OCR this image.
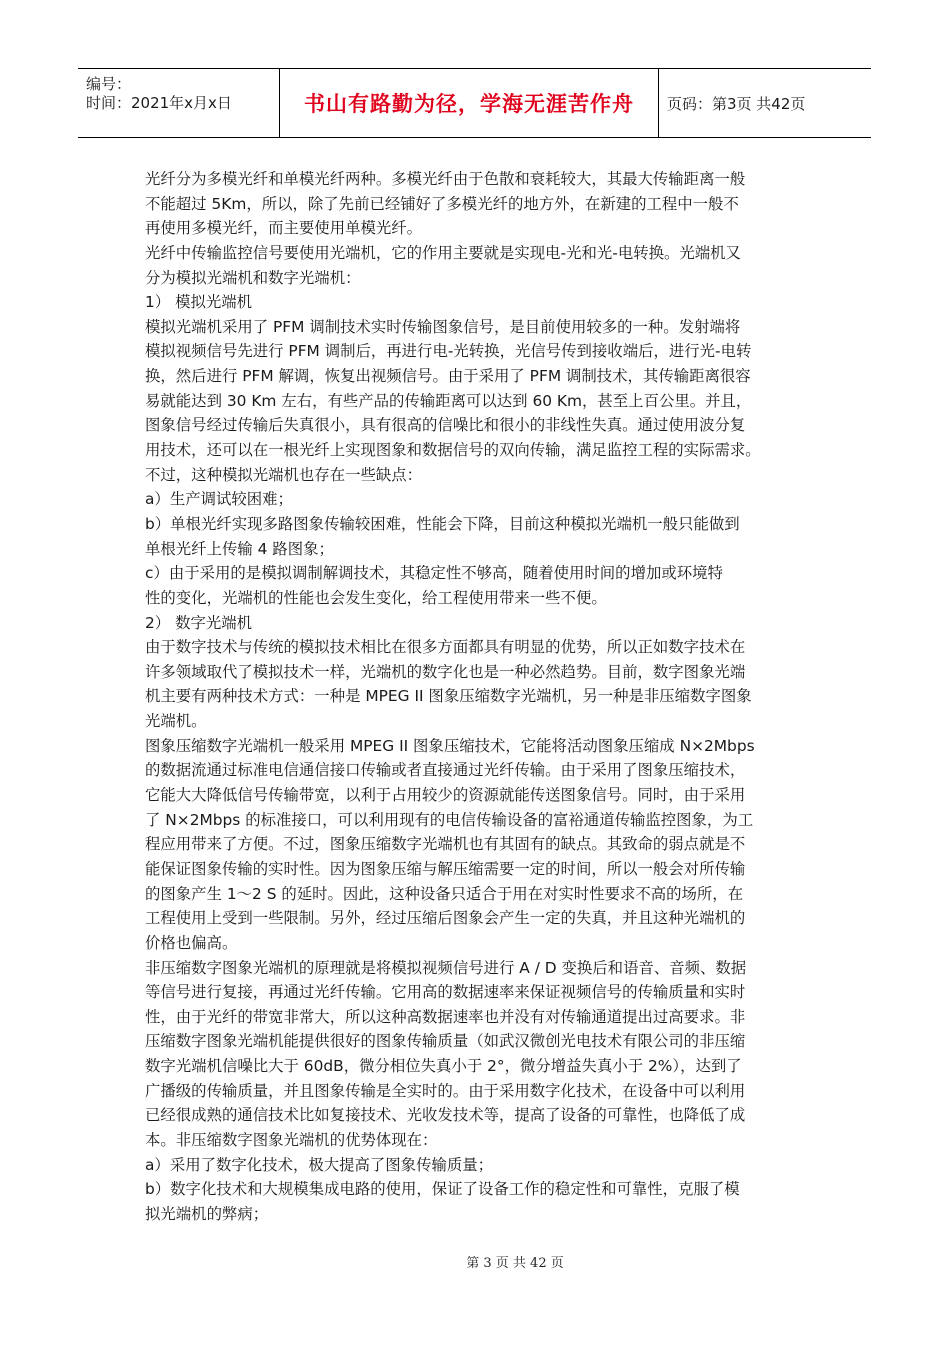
编号：
时间：2021年x月x日	书山有路勤为径，学海无涯苦作舟 页码：第3页 共42页
光纤分为多模光纤和单模光纤两种。多模光纤由于色散和衰耗较大，其最大传输距离一般
不能超过 5Km，所以，除了先前已经铺好了多模光纤的地方外，在新建的工程中一般不
再使用多模光纤，而主要使用单模光纤。
光纤中传输监控信号要使用光端机，它的作用主要就是实现电-光和光-电转换。光端机又
分为模拟光端机和数字光端机：
1） 模拟光端机
模拟光端机采用了 PFM 调制技术实时传输图象信号，是目前使用较多的一种。发射端将
模拟视频信号先进行 PFM 调制后，再进行电-光转换，光信号传到接收端后，进行光-电转
换，然后进行 PFM 解调，恢复出视频信号。由于采用了 PFM 调制技术，其传输距离很容
易就能达到 30 Km 左右，有些产品的传输距离可以达到 60 Km，甚至上百公里。并且，
图象信号经过传输后失真很小，具有很高的信噪比和很小的非线性失真。通过使用波分复
用技术，还可以在一根光纤上实现图象和数据信号的双向传输，满足监控工程的实际需求。
不过，这种模拟光端机也存在一些缺点：
a）生产调试较困难；
b）单根光纤实现多路图象传输较困难，性能会下降，目前这种模拟光端机一般只能做到
单根光纤上传输 4 路图象；
c）由于采用的是模拟调制解调技术，其稳定性不够高，随着使用时间的增加或环境特
性的变化，光端机的性能也会发生变化，给工程使用带来一些不便。
2） 数字光端机
由于数字技术与传统的模拟技术相比在很多方面都具有明显的优势，所以正如数字技术在
许多领域取代了模拟技术一样，光端机的数字化也是一种必然趋势。目前，数字图象光端
机主要有两种技术方式：一种是 MPEG II 图象压缩数字光端机，另一种是非压缩数字图象
光端机。
图象压缩数字光端机一般采用 MPEG II 图象压缩技术，它能将活动图象压缩成 N×2Mbps
的数据流通过标准电信通信接口传输或者直接通过光纤传输。由于采用了图象压缩技术，
它能大大降低信号传输带宽，以利于占用较少的资源就能传送图象信号。同时，由于采用
了 N×2Mbps 的标准接口，可以利用现有的电信传输设备的富裕通道传输监控图象，为工
程应用带来了方便。不过，图象压缩数字光端机也有其固有的缺点。其致命的弱点就是不
能保证图象传输的实时性。因为图象压缩与解压缩需要一定的时间，所以一般会对所传输
的图象产生 1～2 S 的延时。因此，这种设备只适合于用在对实时性要求不高的场所，在
工程使用上受到一些限制。另外，经过压缩后图象会产生一定的失真，并且这种光端机的
价格也偏高。
非压缩数字图象光端机的原理就是将模拟视频信号进行 A / D 变换后和语音、音频、数据
等信号进行复接，再通过光纤传输。它用高的数据速率来保证视频信号的传输质量和实时
性，由于光纤的带宽非常大，所以这种高数据速率也并没有对传输通道提出过高要求。非
压缩数字图象光端机能提供很好的图象传输质量（如武汉微创光电技术有限公司的非压缩
数字光端机信噪比大于 60dB，微分相位失真小于 2°，微分增益失真小于 2%），达到了
广播级的传输质量，并且图象传输是全实时的。由于采用数字化技术，在设备中可以利用
已经很成熟的通信技术比如复接技术、光收发技术等，提高了设备的可靠性，也降低了成
本。非压缩数字图象光端机的优势体现在：
a）采用了数字化技术，极大提高了图象传输质量；
b）数字化技术和大规模集成电路的使用，保证了设备工作的稳定性和可靠性，克服了模
拟光端机的弊病；
第 3 页 共 42 页
